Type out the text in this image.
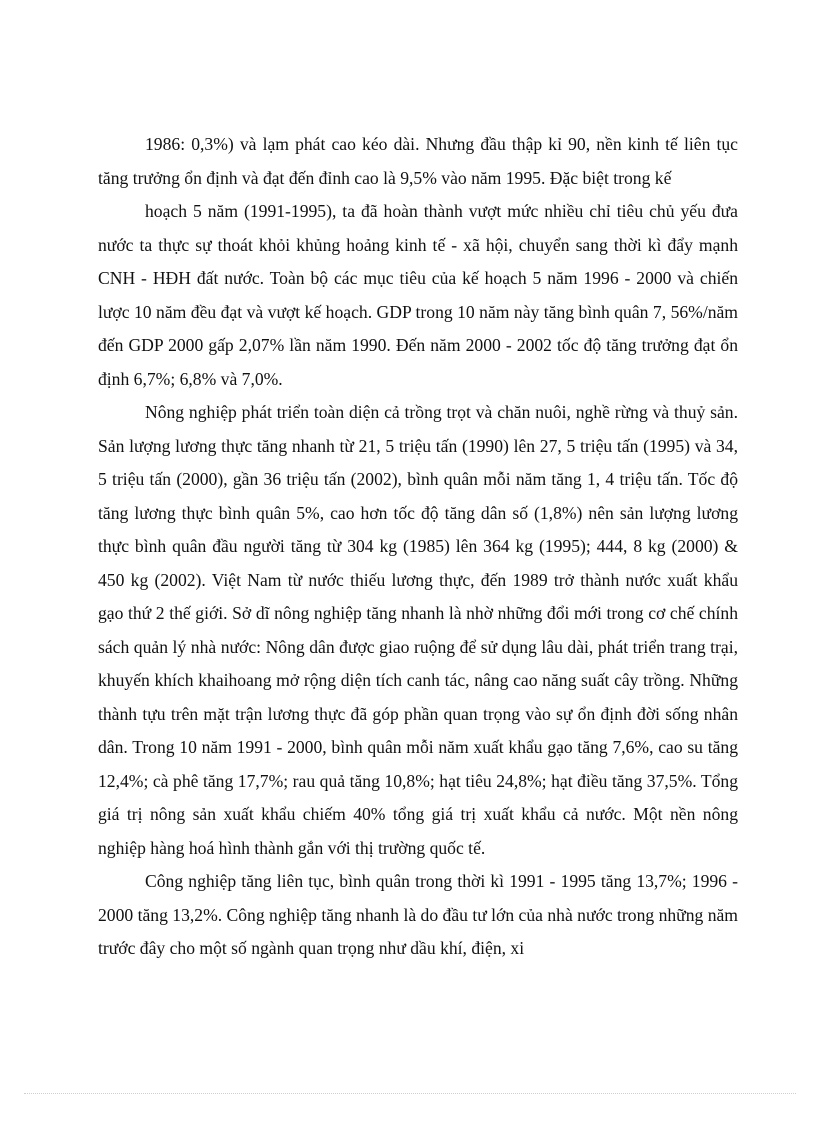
1986: 0,3%) và lạm phát cao kéo dài. Nhưng đầu thập kỉ 90, nền kinh tế liên tục tăng trưởng ổn định và đạt đến đỉnh cao là 9,5% vào năm 1995. Đặc biệt trong kế

hoạch 5 năm (1991-1995), ta đã hoàn thành vượt mức nhiều chỉ tiêu chủ yếu đưa nước ta thực sự thoát khỏi khủng hoảng kinh tế - xã hội, chuyển sang thời kì đẩy mạnh CNH - HĐH đất nước. Toàn bộ các mục tiêu của kế hoạch 5 năm 1996 - 2000 và chiến lược 10 năm đều đạt và vượt kế hoạch. GDP trong 10 năm này tăng bình quân 7, 56%/năm đến GDP 2000 gấp 2,07% lần năm 1990. Đến năm 2000 - 2002 tốc độ tăng trưởng đạt ổn định 6,7%; 6,8% và 7,0%.

Nông nghiệp phát triển toàn diện cả trồng trọt và chăn nuôi, nghề rừng và thuỷ sản. Sản lượng lương thực tăng nhanh từ 21, 5 triệu tấn (1990) lên 27, 5 triệu tấn (1995) và 34, 5 triệu tấn (2000), gần 36 triệu tấn (2002), bình quân mỗi năm tăng 1, 4 triệu tấn. Tốc độ tăng lương thực bình quân 5%, cao hơn tốc độ tăng dân số (1,8%) nên sản lượng lương thực bình quân đầu người tăng từ 304 kg (1985) lên 364 kg (1995); 444, 8 kg (2000) & 450 kg (2002). Việt Nam từ nước thiếu lương thực, đến 1989 trở thành nước xuất khẩu gạo thứ 2 thế giới. Sở dĩ nông nghiệp tăng nhanh là nhờ những đổi mới trong cơ chế chính sách quản lý nhà nước: Nông dân được giao ruộng để sử dụng lâu dài, phát triển trang trại, khuyến khích khaihoang mở rộng diện tích canh tác, nâng cao năng suất cây trồng. Những thành tựu trên mặt trận lương thực đã góp phần quan trọng vào sự ổn định đời sống nhân dân. Trong 10 năm 1991 - 2000, bình quân mỗi năm xuất khẩu gạo tăng 7,6%, cao su tăng 12,4%; cà phê tăng 17,7%; rau quả tăng 10,8%; hạt tiêu 24,8%; hạt điều tăng 37,5%. Tổng giá trị nông sản xuất khẩu chiếm 40% tổng giá trị xuất khẩu cả nước. Một nền nông nghiệp hàng hoá hình thành gắn với thị trường quốc tế.

Công nghiệp tăng liên tục, bình quân trong thời kì 1991 - 1995 tăng 13,7%; 1996 - 2000 tăng 13,2%. Công nghiệp tăng nhanh là do đầu tư lớn của nhà nước trong những năm trước đây cho một số ngành quan trọng như dầu khí, điện, xi
